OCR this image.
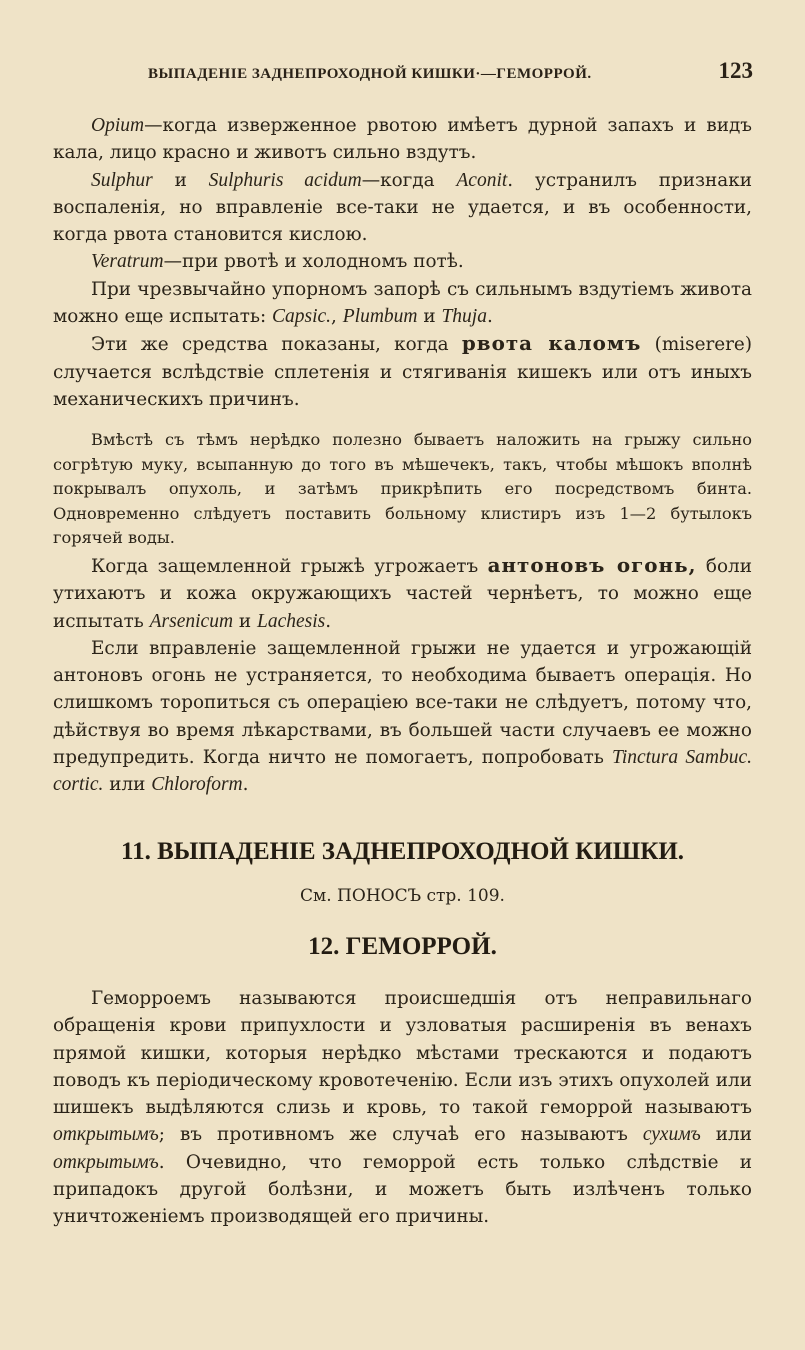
ВЫПАДЕНІЕ ЗАДНЕПРОХОДНОЙ КИШКИ·—ГЕМОРРОЙ.	123

Opium—когда изверженное рвотою имѣетъ дурной запахъ и видъ кала, лицо красно и животъ сильно вздутъ.

Sulphur и Sulphuris acidum—когда Aconit. устранилъ признаки воспаленія, но вправленіе все-таки не удается, и въ особенности, когда рвота становится кислою.

Veratrum—при рвотѣ и холодномъ потѣ.

При чрезвычайно упорномъ запорѣ съ сильнымъ вздутіемъ живота можно еще испытать: Capsic., Plumbum и Thuja.

Эти же средства показаны, когда рвота каломъ (miserere) случается вслѣдствіе сплетенія и стягиванія кишекъ или отъ иныхъ механическихъ причинъ.

Вмѣстѣ съ тѣмъ нерѣдко полезно бываетъ наложить на грыжу сильно согрѣтую муку, всыпанную до того въ мѣшечекъ, такъ, чтобы мѣшокъ вполнѣ покрывалъ опухоль, и затѣмъ прикрѣпить его посредствомъ бинта. Одновременно слѣдуетъ поставить больному клистиръ изъ 1—2 бутылокъ горячей воды.

Когда защемленной грыжѣ угрожаетъ антоновъ огонь, боли утихаютъ и кожа окружающихъ частей чернѣетъ, то можно еще испытать Arsenicum и Lachesis.

Если вправленіе защемленной грыжи не удается и угрожающій антоновъ огонь не устраняется, то необходима бываетъ операція. Но слишкомъ торопиться съ операціею все-таки не слѣдуетъ, потому что, дѣйствуя во время лѣкарствами, въ большей части случаевъ ее можно предупредить. Когда ничто не помогаетъ, попробовать Tinctura Sambuc. cortic. или Chloroform.

11. ВЫПАДЕНІЕ ЗАДНЕПРОХОДНОЙ КИШКИ.
См. ПОНОСЪ стр. 109.
12. ГЕМОРРОЙ.

Геморроемъ называются происшедшія отъ неправильнаго обращенія крови припухлости и узловатыя расширенія въ венахъ прямой кишки, которыя нерѣдко мѣстами трескаются и подаютъ поводъ къ періодическому кровотеченію. Если изъ этихъ опухолей или шишекъ выдѣляются слизь и кровь, то такой геморрой называютъ открытымъ; въ противномъ же случаѣ его называютъ сухимъ или открытымъ. Очевидно, что геморрой есть только слѣдствіе и припадокъ другой болѣзни, и можетъ быть излѣченъ только уничтоженіемъ производящей его причины.
